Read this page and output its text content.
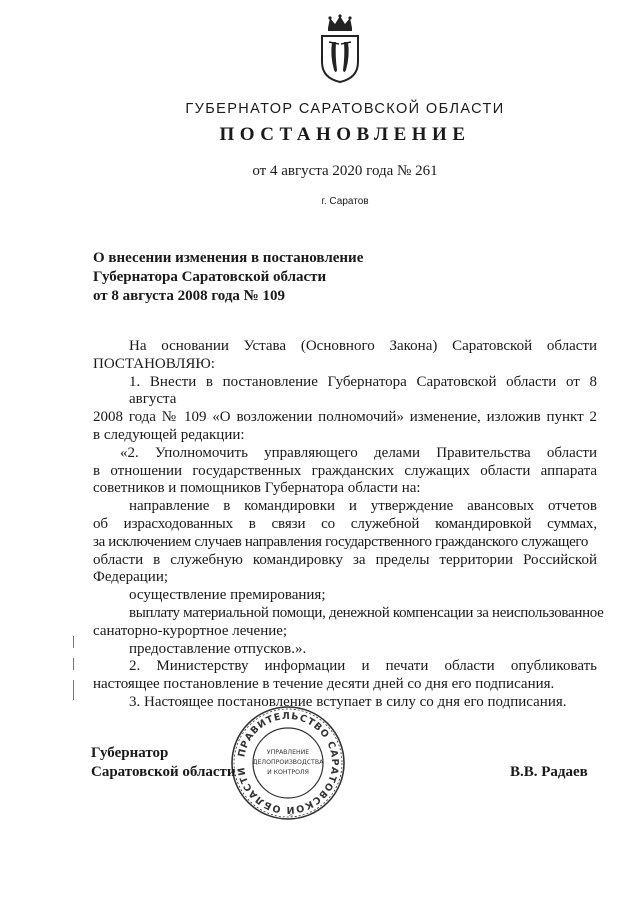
ГУБЕРНАТОР САРАТОВСКОЙ ОБЛАСТИ
ПОСТАНОВЛЕНИЕ
от 4 августа 2020 года № 261
г. Саратов
О внесении изменения в постановление
Губернатора Саратовской области
от 8 августа 2008 года № 109
На основании Устава (Основного Закона) Саратовской области
ПОСТАНОВЛЯЮ:
1. Внести в постановление Губернатора Саратовской области от 8 августа
2008 года № 109 «О возложении полномочий» изменение, изложив пункт 2
в следующей редакции:
«2. Уполномочить управляющего делами Правительства области
в отношении государственных гражданских служащих области аппарата
советников и помощников Губернатора области на:
направление в командировки и утверждение авансовых отчетов
об израсходованных в связи со служебной командировкой суммах,
за исключением случаев направления государственного гражданского служащего
области в служебную командировку за пределы территории Российской
Федерации;
осуществление премирования;
выплату материальной помощи, денежной компенсации за неиспользованное
санаторно-курортное лечение;
предоставление отпусков.».
2. Министерству информации и печати области опубликовать
настоящее постановление в течение десяти дней со дня его подписания.
3. Настоящее постановление вступает в силу со дня его подписания.
ПРАВИТЕЛЬСТВО САРАТОВСКОЙ ОБЛАСТИ
УПРАВЛЕНИЕ
ДЕЛОПРОИЗВОДСТВА
И КОНТРОЛЯ
Губернатор
Саратовской области	В.В. Радаев
